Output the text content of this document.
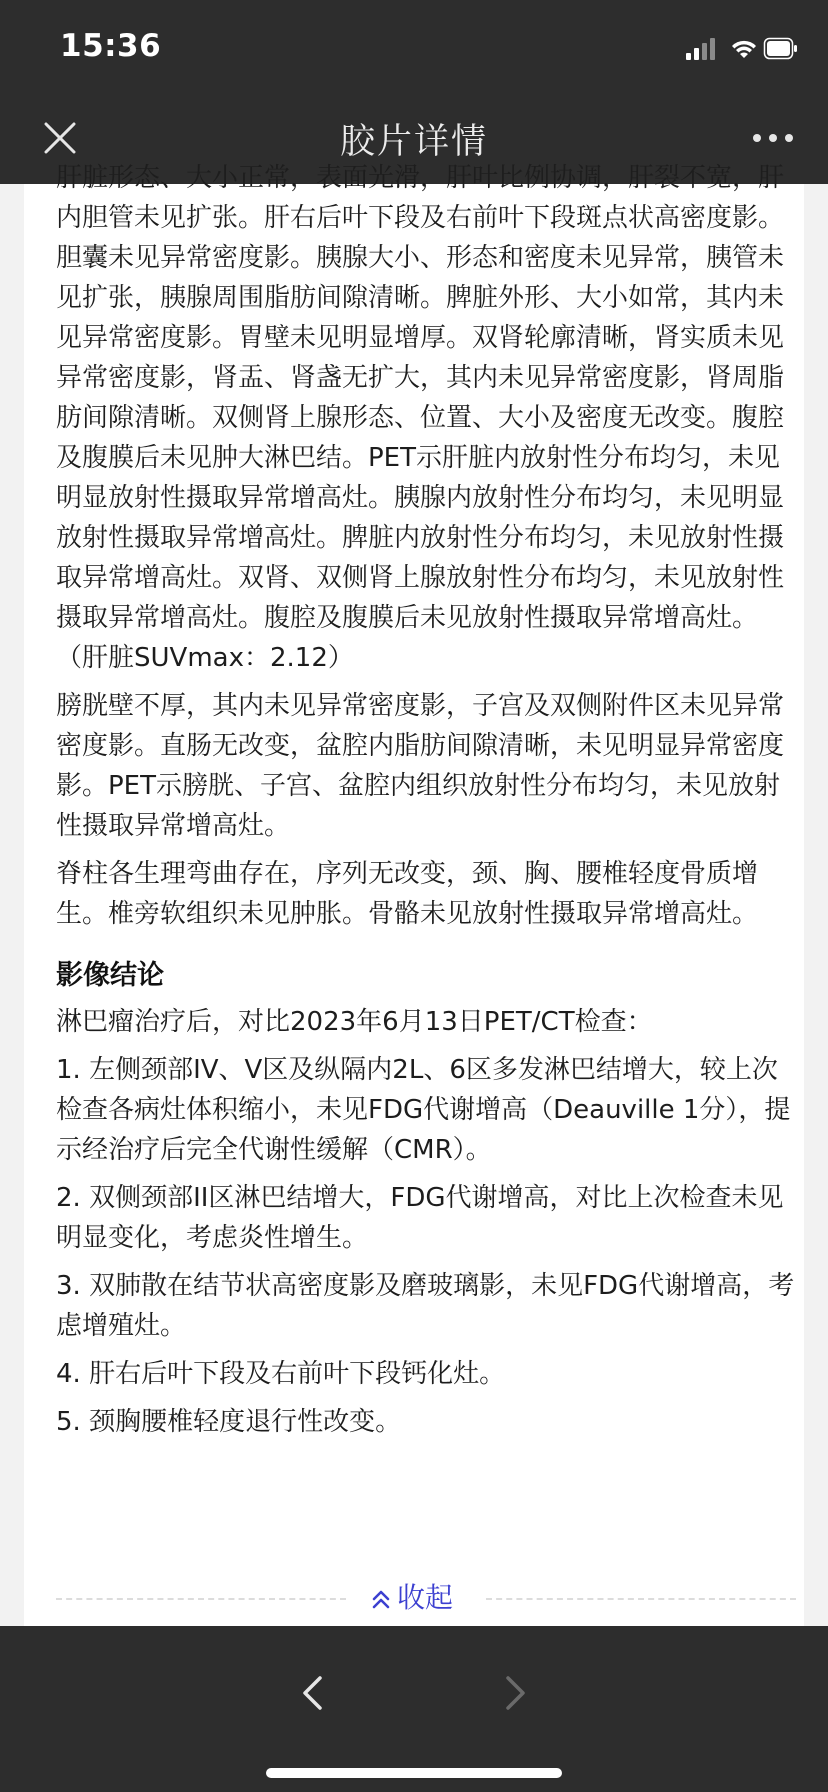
15:36
胶片详情

肝脏形态、大小正常，表面光滑，肝叶比例协调，肝裂不宽，肝内胆管未见扩张。肝右后叶下段及右前叶下段斑点状高密度影。胆囊未见异常密度影。胰腺大小、形态和密度未见异常，胰管未见扩张，胰腺周围脂肪间隙清晰。脾脏外形、大小如常，其内未见异常密度影。胃壁未见明显增厚。双肾轮廓清晰，肾实质未见异常密度影，肾盂、肾盏无扩大，其内未见异常密度影，肾周脂肪间隙清晰。双侧肾上腺形态、位置、大小及密度无改变。腹腔及腹膜后未见肿大淋巴结。PET示肝脏内放射性分布均匀，未见明显放射性摄取异常增高灶。胰腺内放射性分布均匀，未见明显放射性摄取异常增高灶。脾脏内放射性分布均匀，未见放射性摄取异常增高灶。双肾、双侧肾上腺放射性分布均匀，未见放射性摄取异常增高灶。腹腔及腹膜后未见放射性摄取异常增高灶。（肝脏SUVmax：2.12）

膀胱壁不厚，其内未见异常密度影，子宫及双侧附件区未见异常密度影。直肠无改变，盆腔内脂肪间隙清晰，未见明显异常密度影。PET示膀胱、子宫、盆腔内组织放射性分布均匀，未见放射性摄取异常增高灶。

脊柱各生理弯曲存在，序列无改变，颈、胸、腰椎轻度骨质增生。椎旁软组织未见肿胀。骨骼未见放射性摄取异常增高灶。

影像结论

淋巴瘤治疗后，对比2023年6月13日PET/CT检查：

1. 左侧颈部IV、V区及纵隔内2L、6区多发淋巴结增大，较上次检查各病灶体积缩小，未见FDG代谢增高（Deauville 1分），提示经治疗后完全代谢性缓解（CMR）。

2. 双侧颈部II区淋巴结增大，FDG代谢增高，对比上次检查未见明显变化，考虑炎性增生。

3. 双肺散在结节状高密度影及磨玻璃影，未见FDG代谢增高，考虑增殖灶。

4. 肝右后叶下段及右前叶下段钙化灶。

5. 颈胸腰椎轻度退行性改变。

收起
